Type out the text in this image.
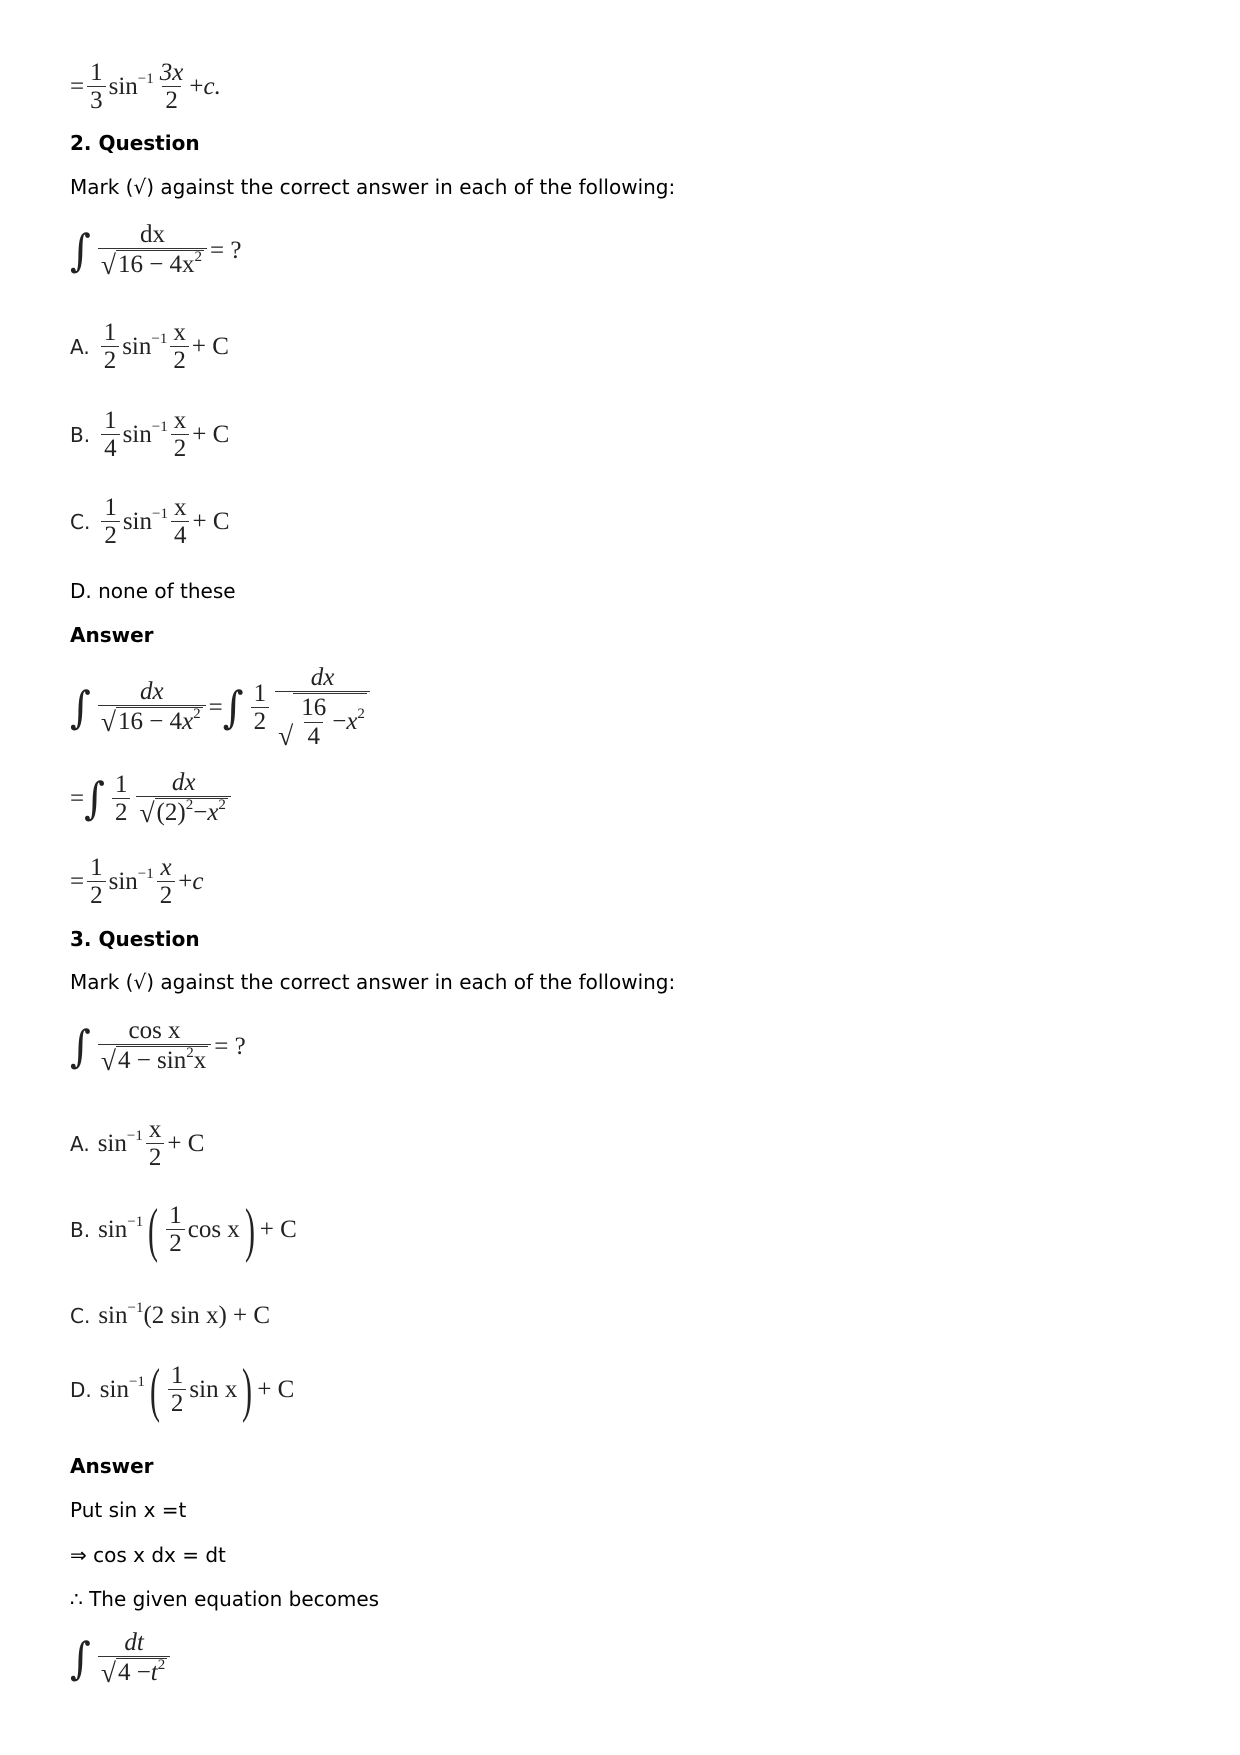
= $\frac{1}{3}$ $\sin -1 \frac{3x}{2} + c$.
2. Question
Mark (√) against the correct answer in each of the following:
∫ $\frac{dx}{√ 16 - 4x 2}$ = ?
A. $\frac{1}{2}$ $\sin -1 \frac{x}{2} + C$
B. $\frac{1}{4}$ $\sin -1 \frac{x}{2} + C$
C. $\frac{1}{2}$ $\sin -1 \frac{x}{4} + C$
D. none of these
Answer
∫ $\frac{dx}{√ 16 - 4 x 2}$ = ∫ $\frac{1}{2} \frac{dx}{√ \frac{16}{4} - x 2}$
= ∫ $\frac{1}{2} \frac{dx}{√ (2) 2 - x 2}$
= $\frac{1}{2}$ $\sin -1 \frac{x}{2} + c$
3. Question
Mark (√) against the correct answer in each of the following:
∫ $\frac{\text{cos x}}{√ 4 - \sin 2 x}$ = ?
A. $\sin -1 \frac{x}{2} + C$
B. sin −1 ( $\frac{1}{2}$ cos x ) + C
C. sin −1 (2 sin x) + C
D. sin −1 ( $\frac{1}{2}$ sin x ) + C
Answer
Put sin x =t
⇒ cos x dx = dt
∴ The given equation becomes
∫ $\frac{dt}{√ 4 - t 2}$
